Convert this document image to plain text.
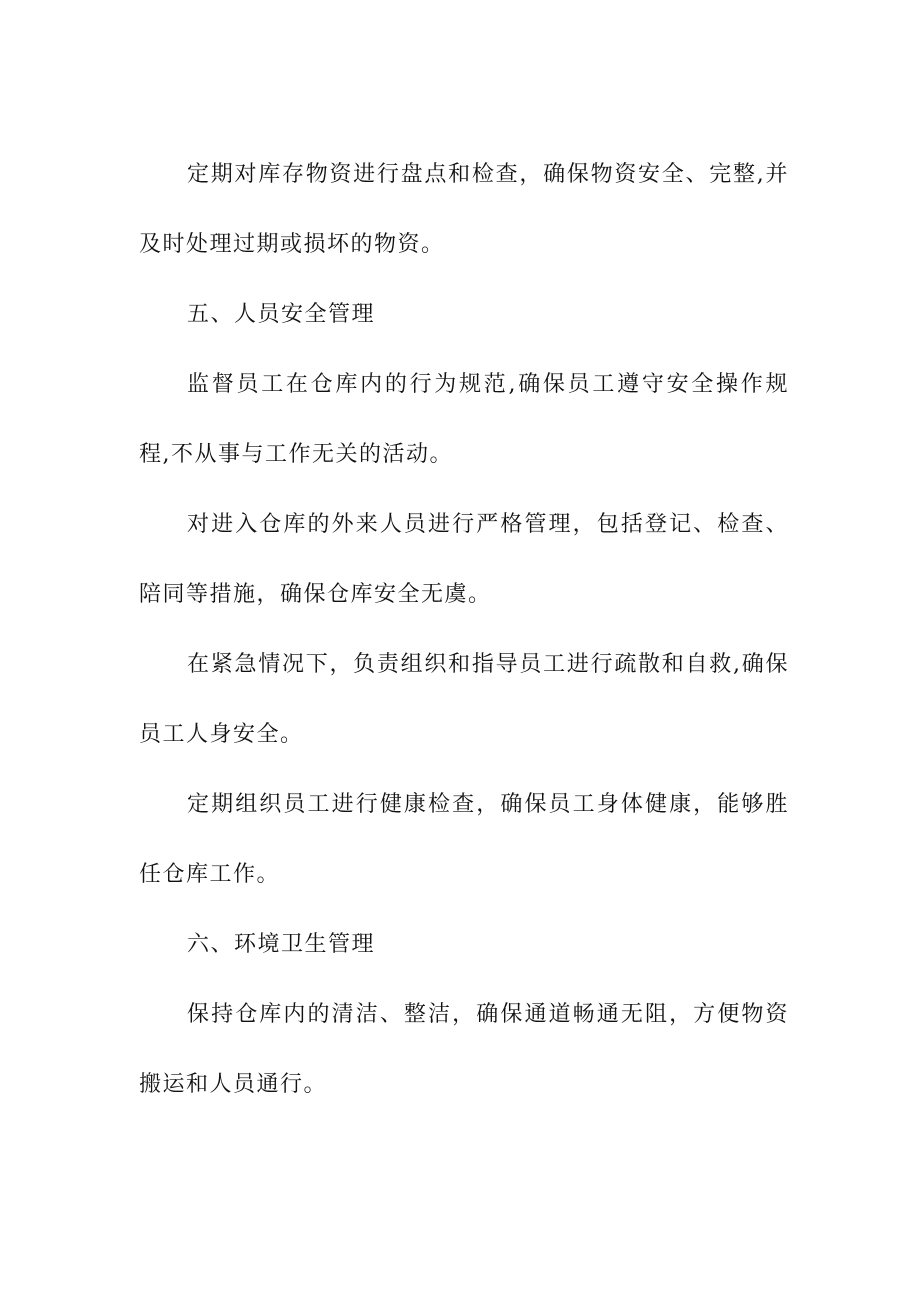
定期对库存物资进行盘点和检查，确保物资安全、完整,并及时处理过期或损坏的物资。

五、人员安全管理

监督员工在仓库内的行为规范,确保员工遵守安全操作规程,不从事与工作无关的活动。

对进入仓库的外来人员进行严格管理，包括登记、检查、陪同等措施，确保仓库安全无虞。

在紧急情况下，负责组织和指导员工进行疏散和自救,确保员工人身安全。

定期组织员工进行健康检查，确保员工身体健康，能够胜任仓库工作。

六、环境卫生管理

保持仓库内的清洁、整洁，确保通道畅通无阻，方便物资搬运和人员通行。
